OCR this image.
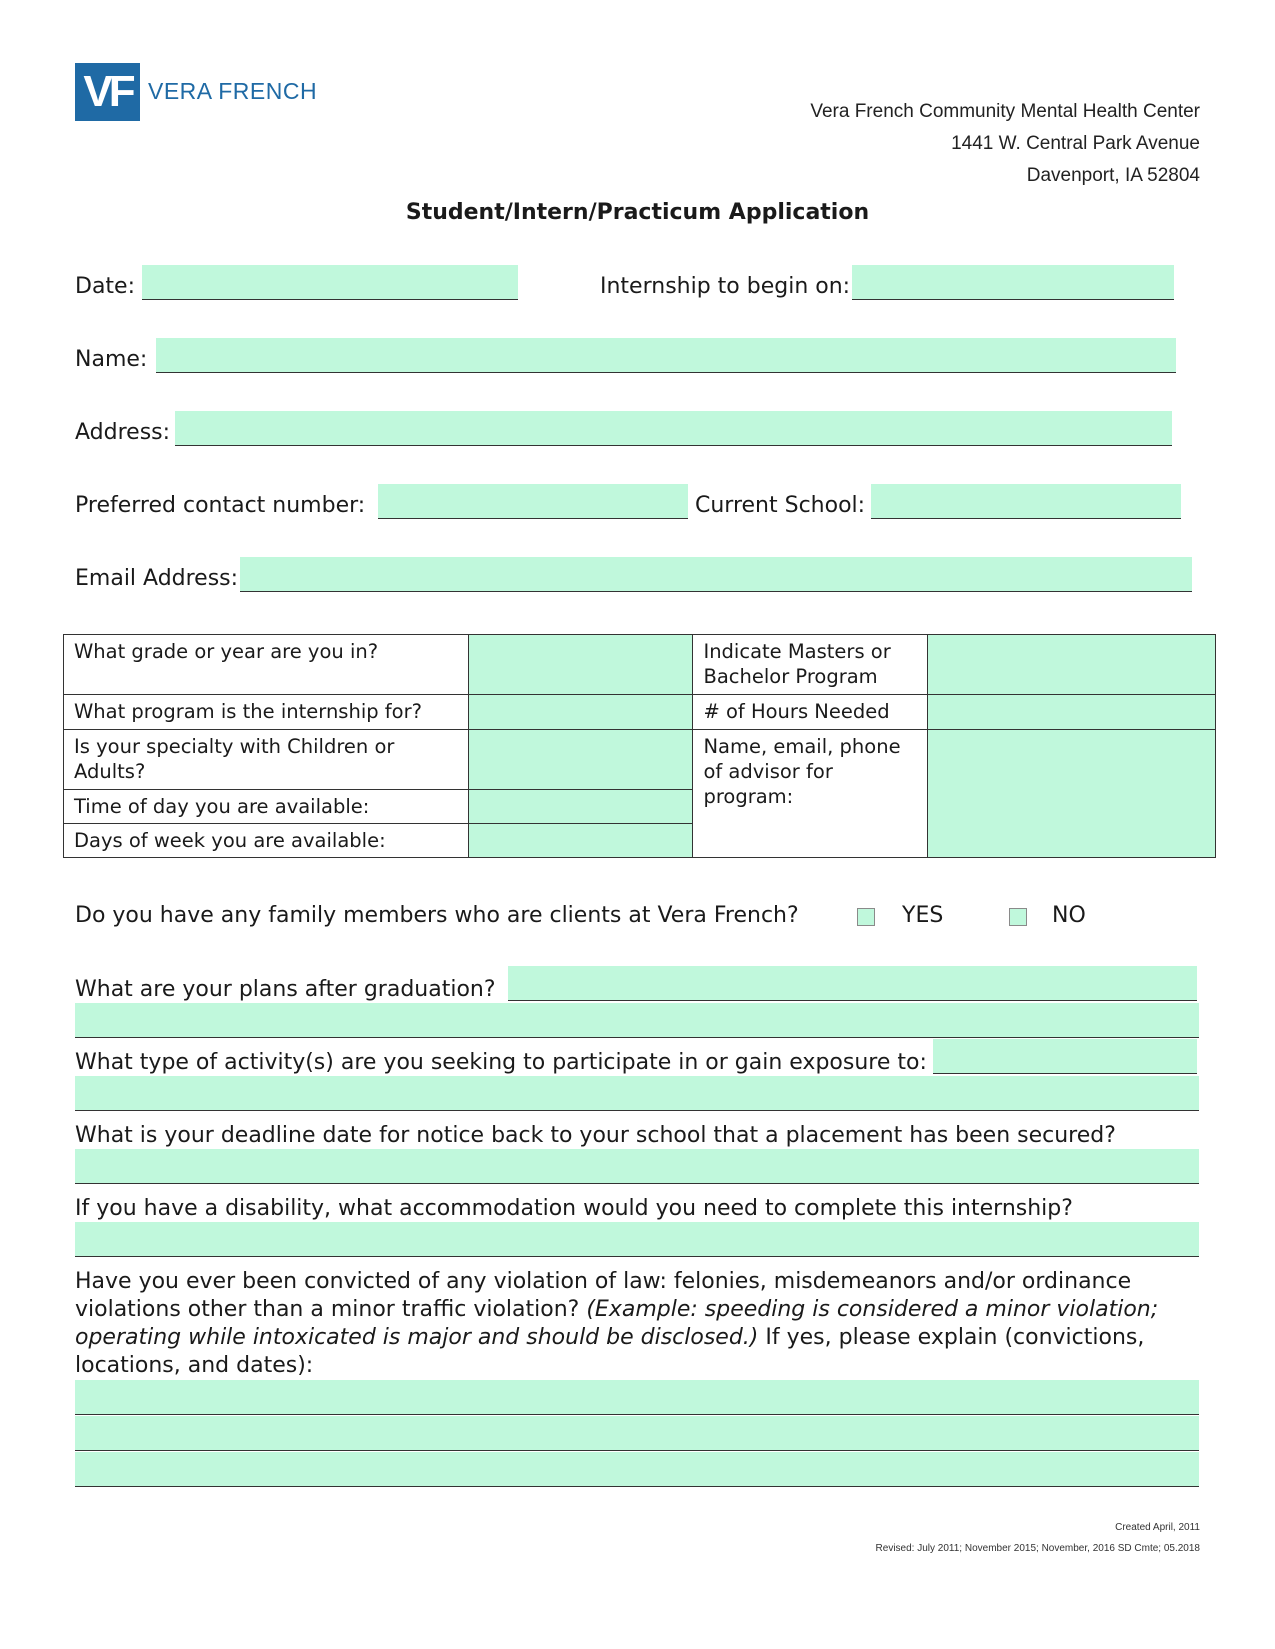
VF VERA FRENCH
Vera French Community Mental Health Center
1441 W. Central Park Avenue
Davenport, IA 52804
Student/Intern/Practicum Application
Date:	Internship to begin on:
Name:
Address:
Preferred contact number:	Current School:
Email Address:
What grade or year are you in?		Indicate Masters or Bachelor Program	
What program is the internship for?		# of Hours Needed	
Is your specialty with Children or Adults?		Name, email, phone of advisor for program:	
Time of day you are available:			
Days of week you are available:			
Do you have any family members who are clients at Vera French?	YES	NO
What are your plans after graduation?
What type of activity(s) are you seeking to participate in or gain exposure to:
What is your deadline date for notice back to your school that a placement has been secured?
If you have a disability, what accommodation would you need to complete this internship?
Have you ever been convicted of any violation of law: felonies, misdemeanors and/or ordinance violations other than a minor traffic violation? (Example: speeding is considered a minor violation; operating while intoxicated is major and should be disclosed.) If yes, please explain (convictions, locations, and dates):
Created April, 2011
Revised: July 2011; November 2015; November, 2016 SD Cmte; 05.2018
